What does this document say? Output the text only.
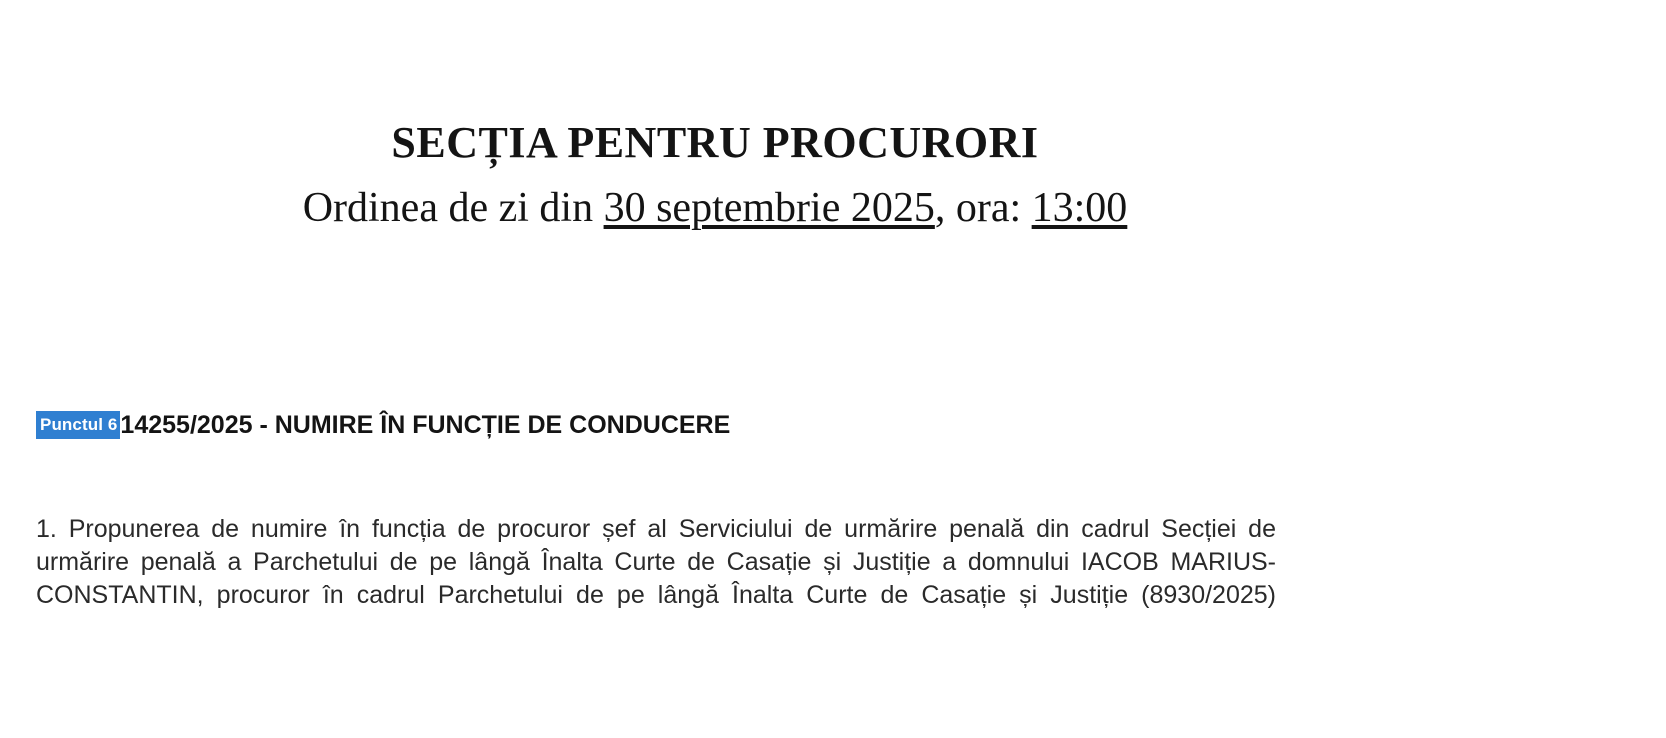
SECȚIA PENTRU PROCURORI
Ordinea de zi din 30 septembrie 2025, ora: 13:00
Punctul 6 14255/2025 - NUMIRE ÎN FUNCȚIE DE CONDUCERE

1. Propunerea de numire în funcția de procuror șef al Serviciului de urmărire penală din cadrul Secției de urmărire penală a Parchetului de pe lângă Înalta Curte de Casație și Justiție a domnului IACOB MARIUS-CONSTANTIN, procuror în cadrul Parchetului de pe lângă Înalta Curte de Casație și Justiție (8930/2025)
